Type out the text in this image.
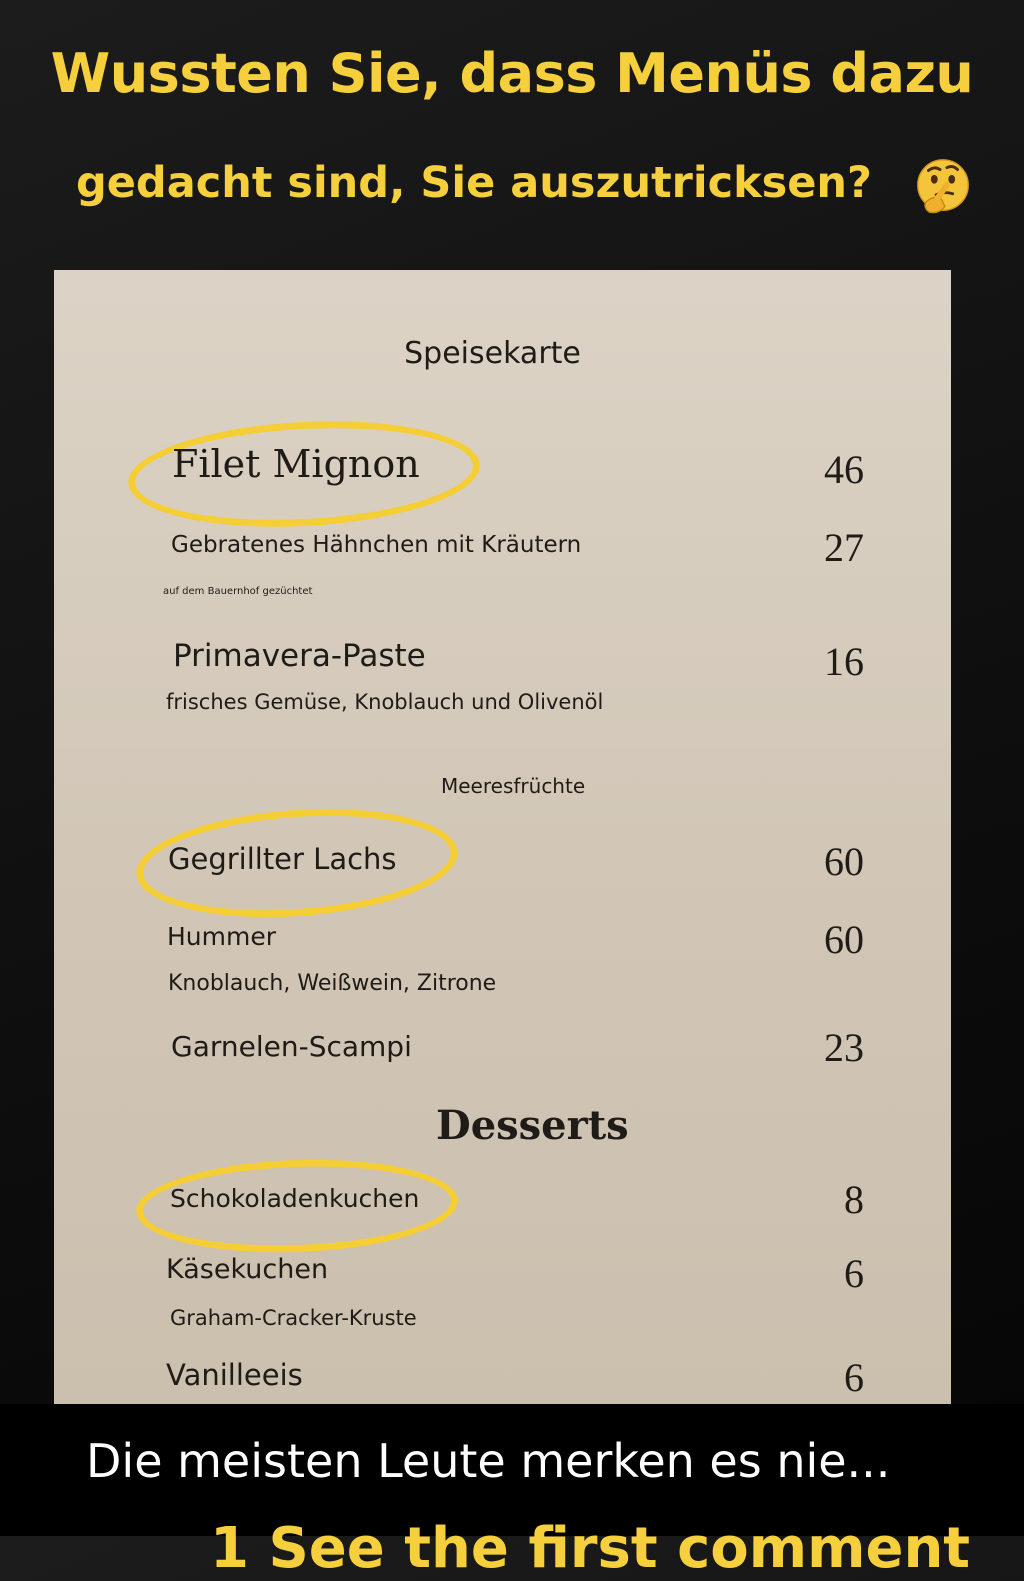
Wussten Sie, dass Menüs dazu
gedacht sind, Sie auszutricksen?
Speisekarte
Filet Mignon	46
Gebratenes Hähnchen mit Kräutern	27
auf dem Bauernhof gezüchtet
Primavera-Paste	16
frisches Gemüse, Knoblauch und Olivenöl
Meeresfrüchte
Gegrillter Lachs	60
Hummer	60
Knoblauch, Weißwein, Zitrone
Garnelen-Scampi	23
Desserts
Schokoladenkuchen	8
Käsekuchen	6
Graham-Cracker-Kruste
Vanilleeis	6
Die meisten Leute merken es nie...
1 See the first comment
